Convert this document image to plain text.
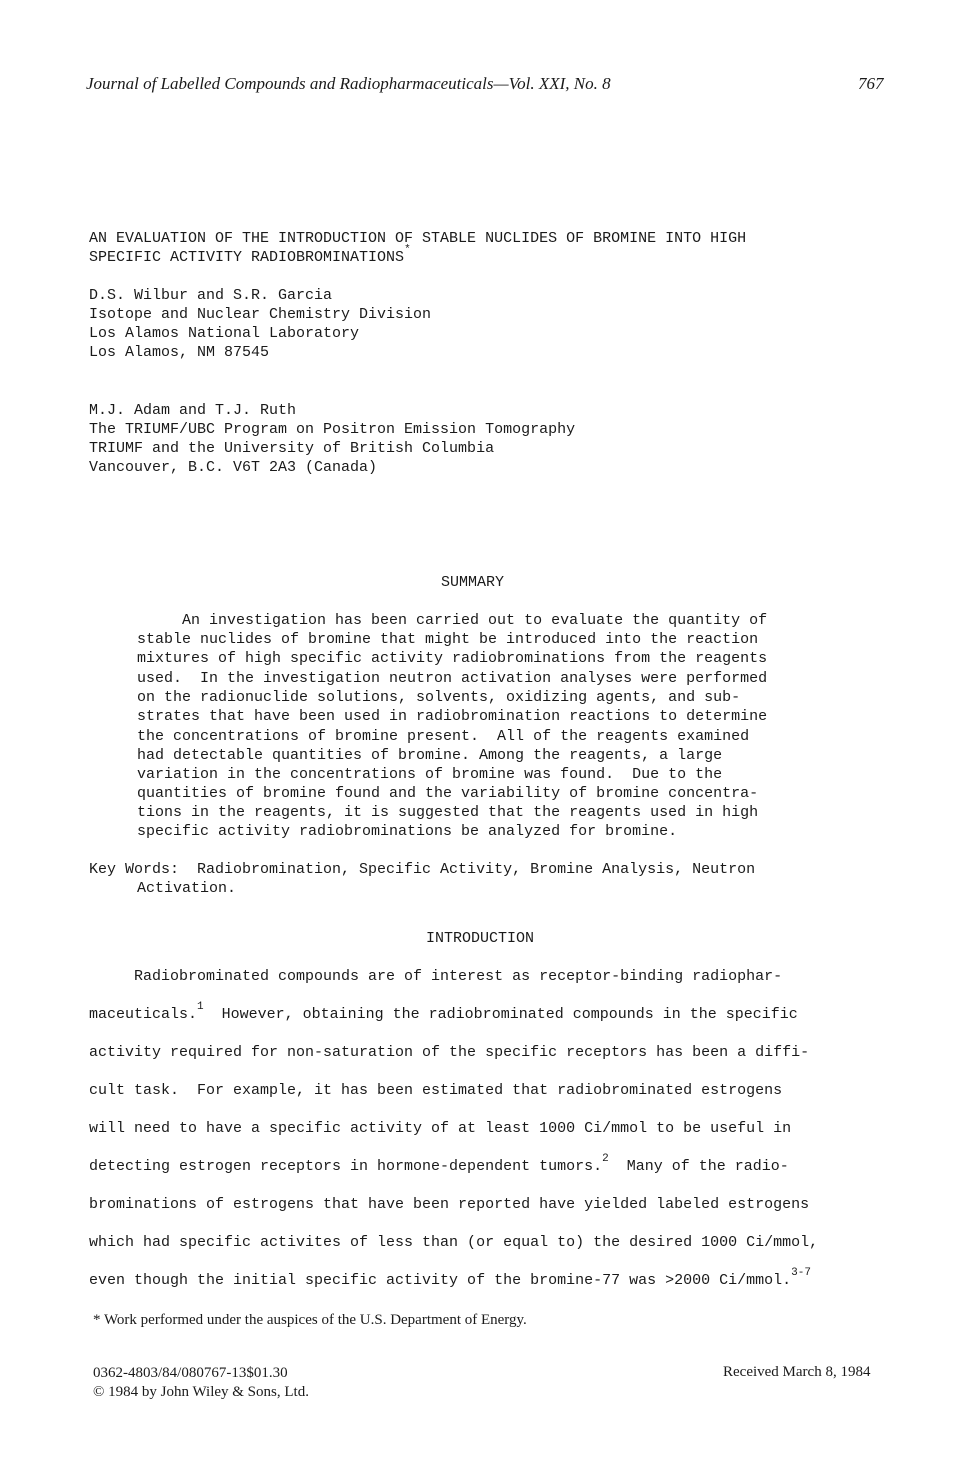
Journal of Labelled Compounds and Radiopharmaceuticals—Vol. XXI, No. 8	767
AN EVALUATION OF THE INTRODUCTION OF STABLE NUCLIDES OF BROMINE INTO HIGH
SPECIFIC ACTIVITY RADIOBROMINATIONS*
D.S. Wilbur and S.R. Garcia
Isotope and Nuclear Chemistry Division
Los Alamos National Laboratory
Los Alamos, NM 87545
M.J. Adam and T.J. Ruth
The TRIUMF/UBC Program on Positron Emission Tomography
TRIUMF and the University of British Columbia
Vancouver, B.C. V6T 2A3 (Canada)
SUMMARY
An investigation has been carried out to evaluate the quantity of
stable nuclides of bromine that might be introduced into the reaction
mixtures of high specific activity radiobrominations from the reagents
used.  In the investigation neutron activation analyses were performed
on the radionuclide solutions, solvents, oxidizing agents, and sub-
strates that have been used in radiobromination reactions to determine
the concentrations of bromine present.  All of the reagents examined
had detectable quantities of bromine. Among the reagents, a large
variation in the concentrations of bromine was found.  Due to the
quantities of bromine found and the variability of bromine concentra-
tions in the reagents, it is suggested that the reagents used in high
specific activity radiobrominations be analyzed for bromine.
Key Words:  Radiobromination, Specific Activity, Bromine Analysis, Neutron
Activation.
INTRODUCTION
Radiobrominated compounds are of interest as receptor-binding radiophar-
maceuticals.$^1$  However, obtaining the radiobrominated compounds in the specific
activity required for non-saturation of the specific receptors has been a diffi-
cult task.  For example, it has been estimated that radiobrominated estrogens
will need to have a specific activity of at least 1000 Ci/mmol to be useful in
detecting estrogen receptors in hormone-dependent tumors.$^2$  Many of the radio-
brominations of estrogens that have been reported have yielded labeled estrogens
which had specific activites of less than (or equal to) the desired 1000 Ci/mmol,
even though the initial specific activity of the bromine-77 was >2000 Ci/mmol.$^{3-7}$
* Work performed under the auspices of the U.S. Department of Energy.
0362-4803/84/080767-13$01.30
© 1984 by John Wiley & Sons, Ltd.
Received March 8, 1984
